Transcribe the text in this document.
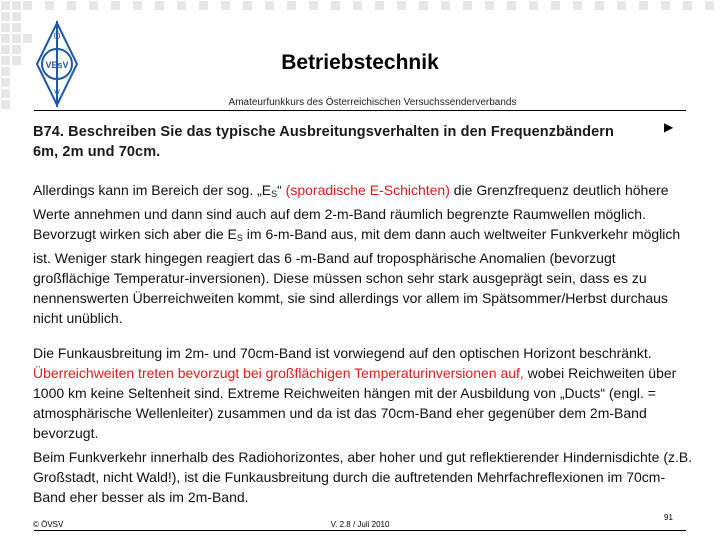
Ö
VEsV
V
Betriebstechnik
Amateurfunkkurs des Österreichischen Versuchssenderverbands
B74. Beschreiben Sie das typische Ausbreitungsverhalten in den Frequenzbändern 6m, 2m und 70cm.
▶
Allerdings kann im Bereich der sog. $„E_S“$ (sporadische E-Schichten) die Grenzfrequenz deutlich höhere Werte annehmen und dann sind auch auf dem 2-m-Band räumlich begrenzte Raumwellen möglich. Bevorzugt wirken sich aber die $E_S$ im 6-m-Band aus, mit dem dann auch weltweiter Funkverkehr möglich ist. Weniger stark hingegen reagiert das 6 -m-Band auf troposphärische Anomalien (bevorzugt großflächige Temperatur-inversionen). Diese müssen schon sehr stark ausgeprägt sein, dass es zu nennenswerten Überreichweiten kommt, sie sind allerdings vor allem im Spätsommer/Herbst durchaus nicht unüblich.
Die Funkausbreitung im 2m- und 70cm-Band ist vorwiegend auf den optischen Horizont beschränkt. Überreichweiten treten bevorzugt bei großflächigen Temperaturinversionen auf, wobei Reichweiten über 1000 km keine Seltenheit sind. Extreme Reichweiten hängen mit der Ausbildung von „Ducts“ (engl. = atmosphärische Wellenleiter) zusammen und da ist das 70cm-Band eher gegenüber dem 2m-Band bevorzugt.
Beim Funkverkehr innerhalb des Radiohorizontes, aber hoher und gut reflektierender Hindernisdichte (z.B. Großstadt, nicht Wald!), ist die Funkausbreitung durch die auftretenden Mehrfachreflexionen im 70cm-Band eher besser als im 2m-Band.
© ÖVSV	V. 2.8 / Juli 2010
91
